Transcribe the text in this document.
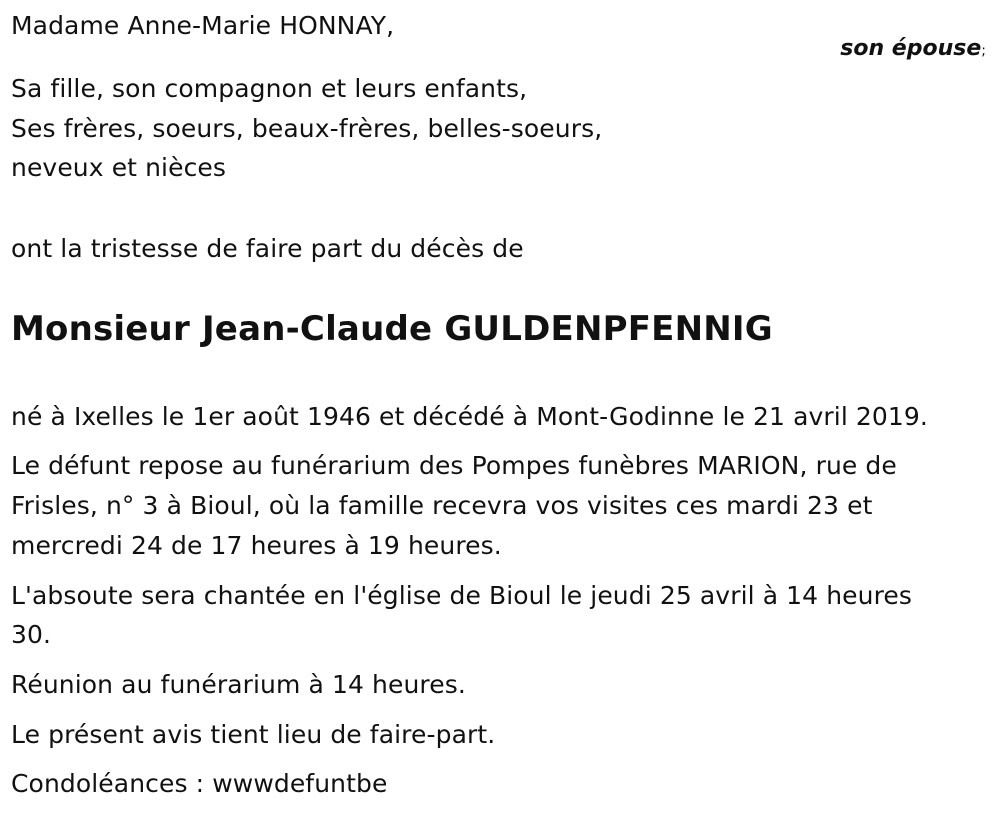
Madame Anne-Marie HONNAY,

son épouse;

Sa fille, son compagnon et leurs enfants,

Ses frères, soeurs, beaux-frères, belles-soeurs,

neveux et nièces

ont la tristesse de faire part du décès de

Monsieur Jean-Claude GULDENPFENNIG

né à Ixelles le 1er août 1946 et décédé à Mont-Godinne le 21 avril 2019.

Le défunt repose au funérarium des Pompes funèbres MARION, rue de

Frisles, n° 3 à Bioul, où la famille recevra vos visites ces mardi 23 et

mercredi 24 de 17 heures à 19 heures.

L'absoute sera chantée en l'église de Bioul le jeudi 25 avril à 14 heures

30.

Réunion au funérarium à 14 heures.

Le présent avis tient lieu de faire-part.

Condoléances : wwwdefuntbe
